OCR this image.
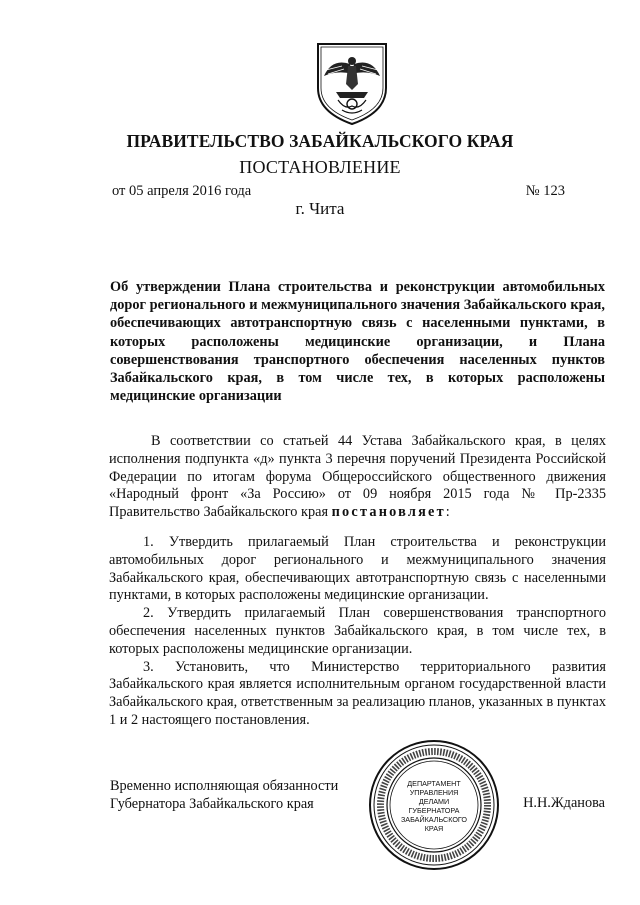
ПРАВИТЕЛЬСТВО ЗАБАЙКАЛЬСКОГО КРАЯ
ПОСТАНОВЛЕНИЕ
от 05 апреля 2016 года	№ 123
г. Чита
Об утверждении Плана строительства и реконструкции автомобильных дорог регионального и межмуниципального значения Забайкальского края, обеспечивающих автотранспортную связь с населенными пунктами, в которых расположены медицинские организации, и Плана совершенствования транспортного обеспечения населенных пунктов Забайкальского края, в том числе тех, в которых расположены медицинские организации

В соответствии со статьей 44 Устава Забайкальского края, в целях исполнения подпункта «д» пункта 3 перечня поручений Президента Российской Федерации по итогам форума Общероссийского общественного движения «Народный фронт «За Россию» от 09 ноября 2015 года № Пр-2335 Правительство Забайкальского края постановляет:

1. Утвердить прилагаемый План строительства и реконструкции автомобильных дорог регионального и межмуниципального значения Забайкальского края, обеспечивающих автотранспортную связь с населенными пунктами, в которых расположены медицинские организации.

2. Утвердить прилагаемый План совершенствования транспортного обеспечения населенных пунктов Забайкальского края, в том числе тех, в которых расположены медицинские организации.

3. Установить, что Министерство территориального развития Забайкальского края является исполнительным органом государственной власти Забайкальского края, ответственным за реализацию планов, указанных в пунктах 1 и 2 настоящего постановления.

Временно исполняющая обязанности
Губернатора Забайкальского края	Н.Н.Жданова
ДЕПАРТАМЕНТ
УПРАВЛЕНИЯ
ДЕЛАМИ
ГУБЕРНАТОРА
ЗАБАЙКАЛЬСКОГО
КРАЯ
